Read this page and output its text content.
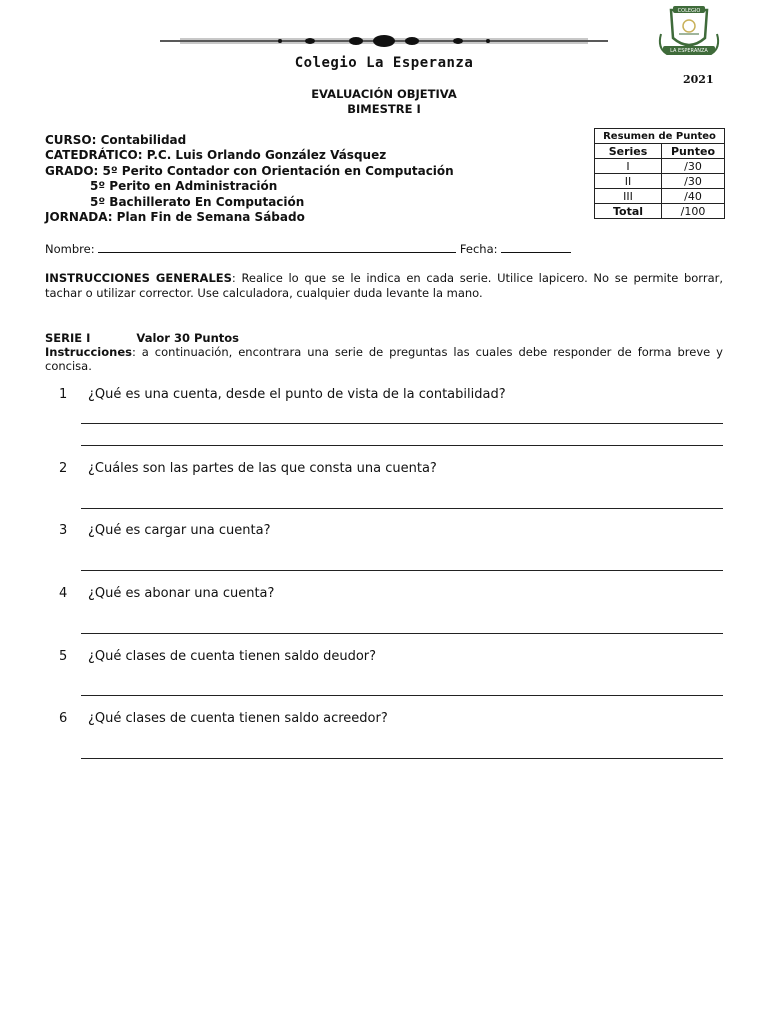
COLEGIO
LA ESPERANZA
Colegio La Esperanza
2021
EVALUACIÓN OBJETIVA
BIMESTRE I
CURSO: Contabilidad
CATEDRÁTICO: P.C. Luis Orlando González Vásquez
GRADO: 5º Perito Contador con Orientación en Computación
5º Perito en Administración
5º Bachillerato En Computación
JORNADA: Plan Fin de Semana Sábado
Resumen de Punteo	
Series	Punteo
I	/30
II	/30
III	/40
Total	/100
Nombre:	Fecha:
INSTRUCCIONES GENERALES: Realice lo que se le indica en cada serie. Utilice lapicero. No se permite borrar, tachar o utilizar corrector. Use calculadora, cualquier duda levante la mano.
SERIE I	Valor 30 Puntos
Instrucciones: a continuación, encontrara una serie de preguntas las cuales debe responder de forma breve y concisa.
1 ¿Qué es una cuenta, desde el punto de vista de la contabilidad?
2 ¿Cuáles son las partes de las que consta una cuenta?
3 ¿Qué es cargar una cuenta?
4 ¿Qué es abonar una cuenta?
5 ¿Qué clases de cuenta tienen saldo deudor?
6 ¿Qué clases de cuenta tienen saldo acreedor?
